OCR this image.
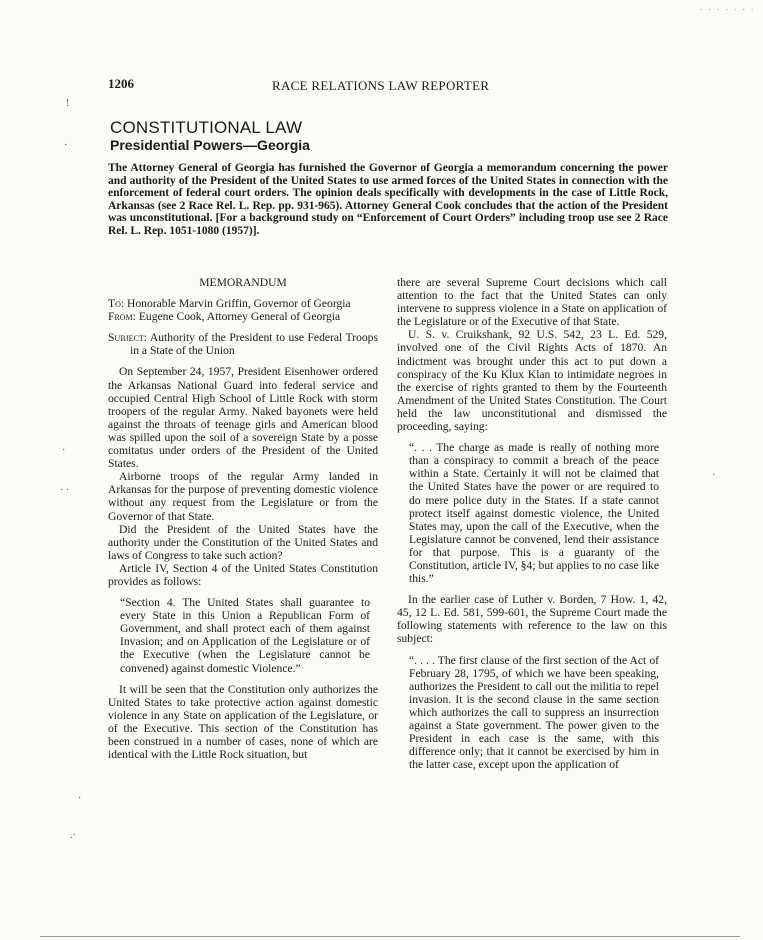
. . . . . . .
1206	RACE RELATIONS LAW REPORTER
!
·
·
· ·
·
.·
·
CONSTITUTIONAL LAW
Presidential Powers—Georgia
The Attorney General of Georgia has furnished the Governor of Georgia a memorandum concerning the power and authority of the President of the United States to use armed forces of the United States in connection with the enforcement of federal court orders. The opinion deals specifically with developments in the case of Little Rock, Arkansas (see 2 Race Rel. L. Rep. pp. 931-965). Attorney General Cook concludes that the action of the President was unconstitutional. [For a background study on “Enforcement of Court Orders” including troop use see 2 Race Rel. L. Rep. 1051-1080 (1957)].

MEMORANDUM

To: Honorable Marvin Griffin, Governor of Georgia

From: Eugene Cook, Attorney General of Georgia

Subject: Authority of the President to use Federal Troops in a State of the Union

On September 24, 1957, President Eisenhower ordered the Arkansas National Guard into federal service and occupied Central High School of Little Rock with storm troopers of the regular Army. Naked bayonets were held against the throats of teenage girls and American blood was spilled upon the soil of a sovereign State by a posse comitatus under orders of the President of the United States.

Airborne troops of the regular Army landed in Arkansas for the purpose of preventing domestic violence without any request from the Legislature or from the Governor of that State.

Did the President of the United States have the authority under the Constitution of the United States and laws of Congress to take such action?

Article IV, Section 4 of the United States Constitution provides as follows:

“Section 4. The United States shall guarantee to every State in this Union a Republican Form of Government, and shall protect each of them against Invasion; and on Application of the Legislature or of the Executive (when the Legislature cannot be convened) against domestic Violence.”

It will be seen that the Constitution only authorizes the United States to take protective action against domestic violence in any State on application of the Legislature, or of the Executive. This section of the Constitution has been construed in a number of cases, none of which are identical with the Little Rock situation, but

there are several Supreme Court decisions which call attention to the fact that the United States can only intervene to suppress violence in a State on application of the Legislature or of the Executive of that State.

U. S. v. Cruikshank, 92 U.S. 542, 23 L. Ed. 529, involved one of the Civil Rights Acts of 1870. An indictment was brought under this act to put down a conspiracy of the Ku Klux Klan to intimidate negroes in the exercise of rights granted to them by the Fourteenth Amendment of the United States Constitution. The Court held the law unconstitutional and dismissed the proceeding, saying:

“. . . The charge as made is really of nothing more than a conspiracy to commit a breach of the peace within a State. Certainly it will not be claimed that the United States have the power or are required to do mere police duty in the States. If a state cannot protect itself against domestic violence, the United States may, upon the call of the Executive, when the Legislature cannot be convened, lend their assistance for that purpose. This is a guaranty of the Constitution, article IV, §4; but applies to no case like this.”

In the earlier case of Luther v. Borden, 7 How. 1, 42, 45, 12 L. Ed. 581, 599-601, the Supreme Court made the following statements with reference to the law on this subject:

“. . . . The first clause of the first section of the Act of February 28, 1795, of which we have been speaking, authorizes the President to call out the militia to repel invasion. It is the second clause in the same section which authorizes the call to suppress an insurrection against a State government. The power given to the President in each case is the same, with this difference only; that it cannot be exercised by him in the latter case, except upon the application of
